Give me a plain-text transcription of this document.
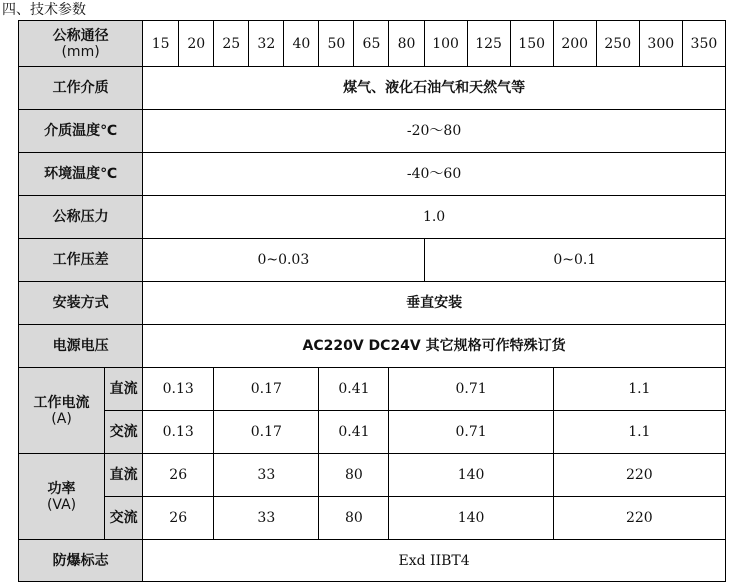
四、技术参数
公称通径
(mm)		15	20	25	32	40	50	65	80	100	125	150	200	250	300	350
工作介质		煤气、液化石油气和天然气等														
介质温度℃		-20～80														
环境温度℃		-40～60														
公称压力		1.0														
工作压差		0~0.03								0~0.1						
安装方式		垂直安装														
电源电压		AC220V DC24V 其它规格可作特殊订货														
工作电流
(A)	直流	0.13		0.17			0.41		0.71				1.1			
	交流	0.13		0.17			0.41		0.71				1.1			
功率
(VA)	直流	26		33			80		140				220			
	交流	26		33			80		140				220			
防爆标志		Exd IIBT4														
